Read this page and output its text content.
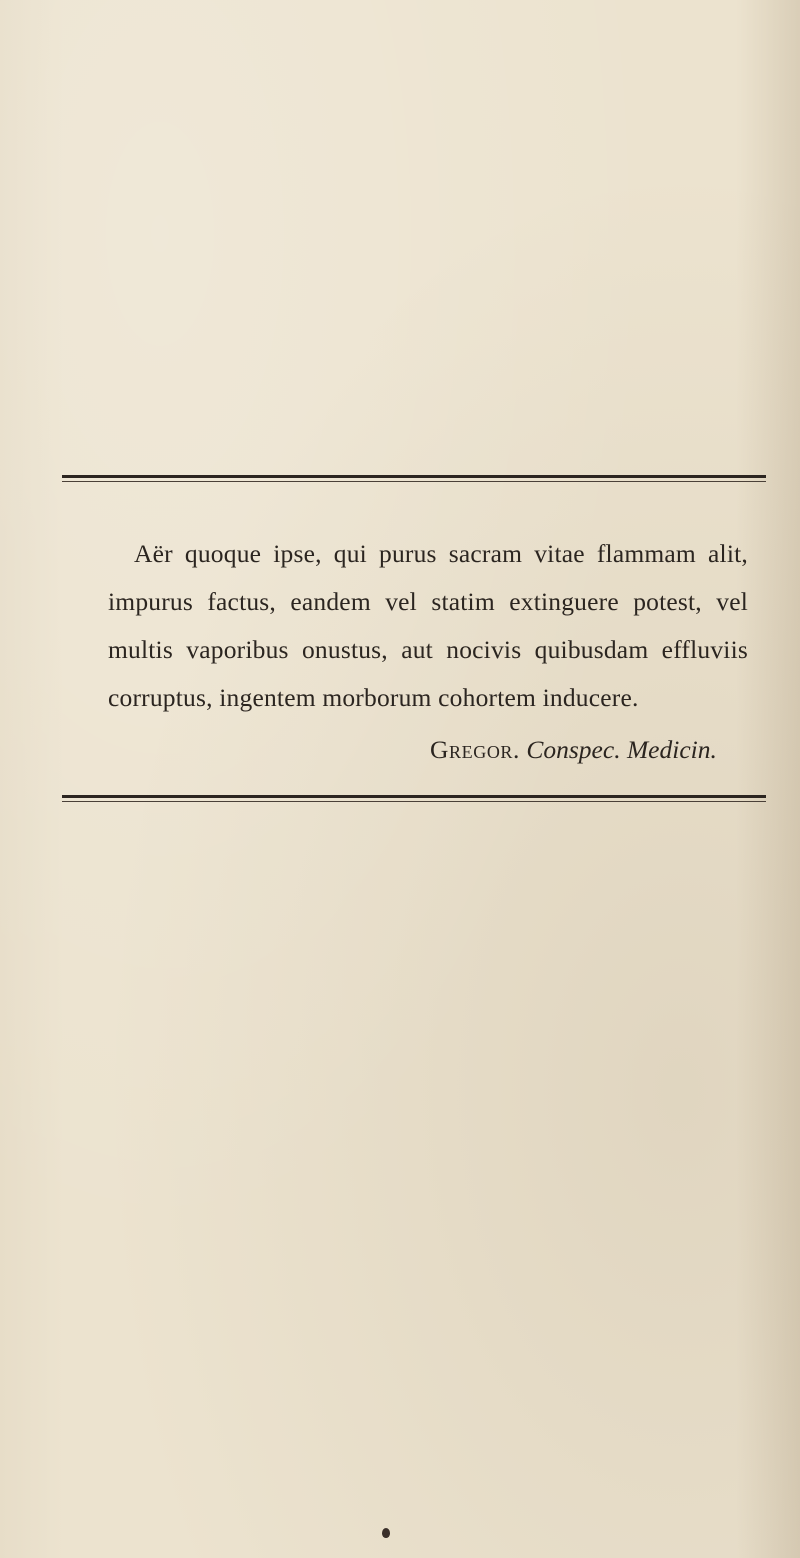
Aër quoque ipse, qui purus sacram vitae flammam alit, impurus factus, eandem vel statim extinguere potest, vel multis vaporibus onustus, aut nocivis quibusdam effluviis corruptus, ingentem morborum cohortem inducere.

Gregor. Conspec. Medicin.
